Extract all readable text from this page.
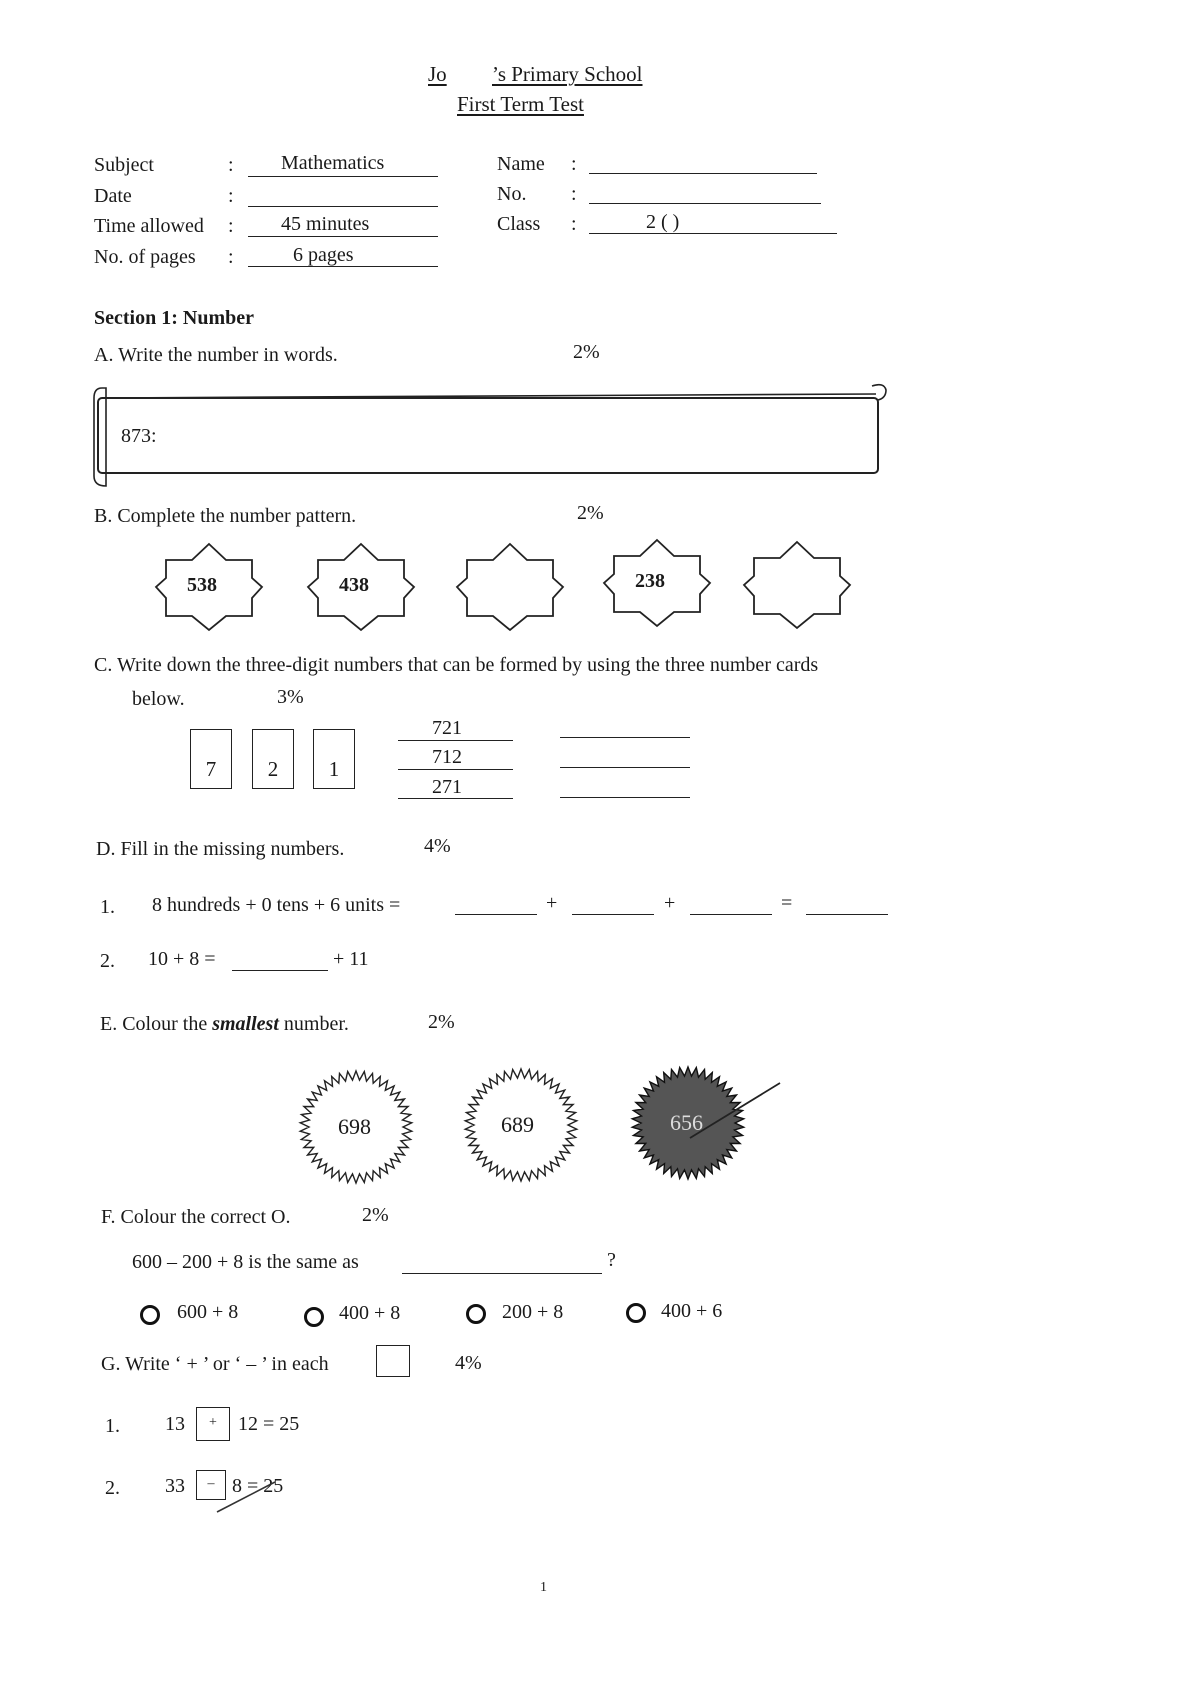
Jo ’s Primary School
First Term Test
Subject	: Mathematics
Date	:
Time allowed : 45 minutes
No. of pages :	6 pages
Name :
No. :
Class :	2 ( )
Section 1: Number
A. Write the number in words.	2%
873:
B. Complete the number pattern.	2%
538	438	238
C. Write down the three-digit numbers that can be formed by using the three number cards
below.	3%
7	2	1
721
712
271
D. Fill in the missing numbers.	4%
1. 8 hundreds + 0 tens + 6 units =	+	+	=
2. 10 + 8 =	+ 11
E. Colour the smallest number.	2%
698	689	656
F. Colour the correct O.	2%
600 – 200 + 8 is the same as	?
600 + 8	400 + 8	200 + 8	400 + 6
G. Write ‘ + ’ or ‘ – ’ in each	4%
1. 13	+	12 = 25
2. 33	– 8 = 25
1
